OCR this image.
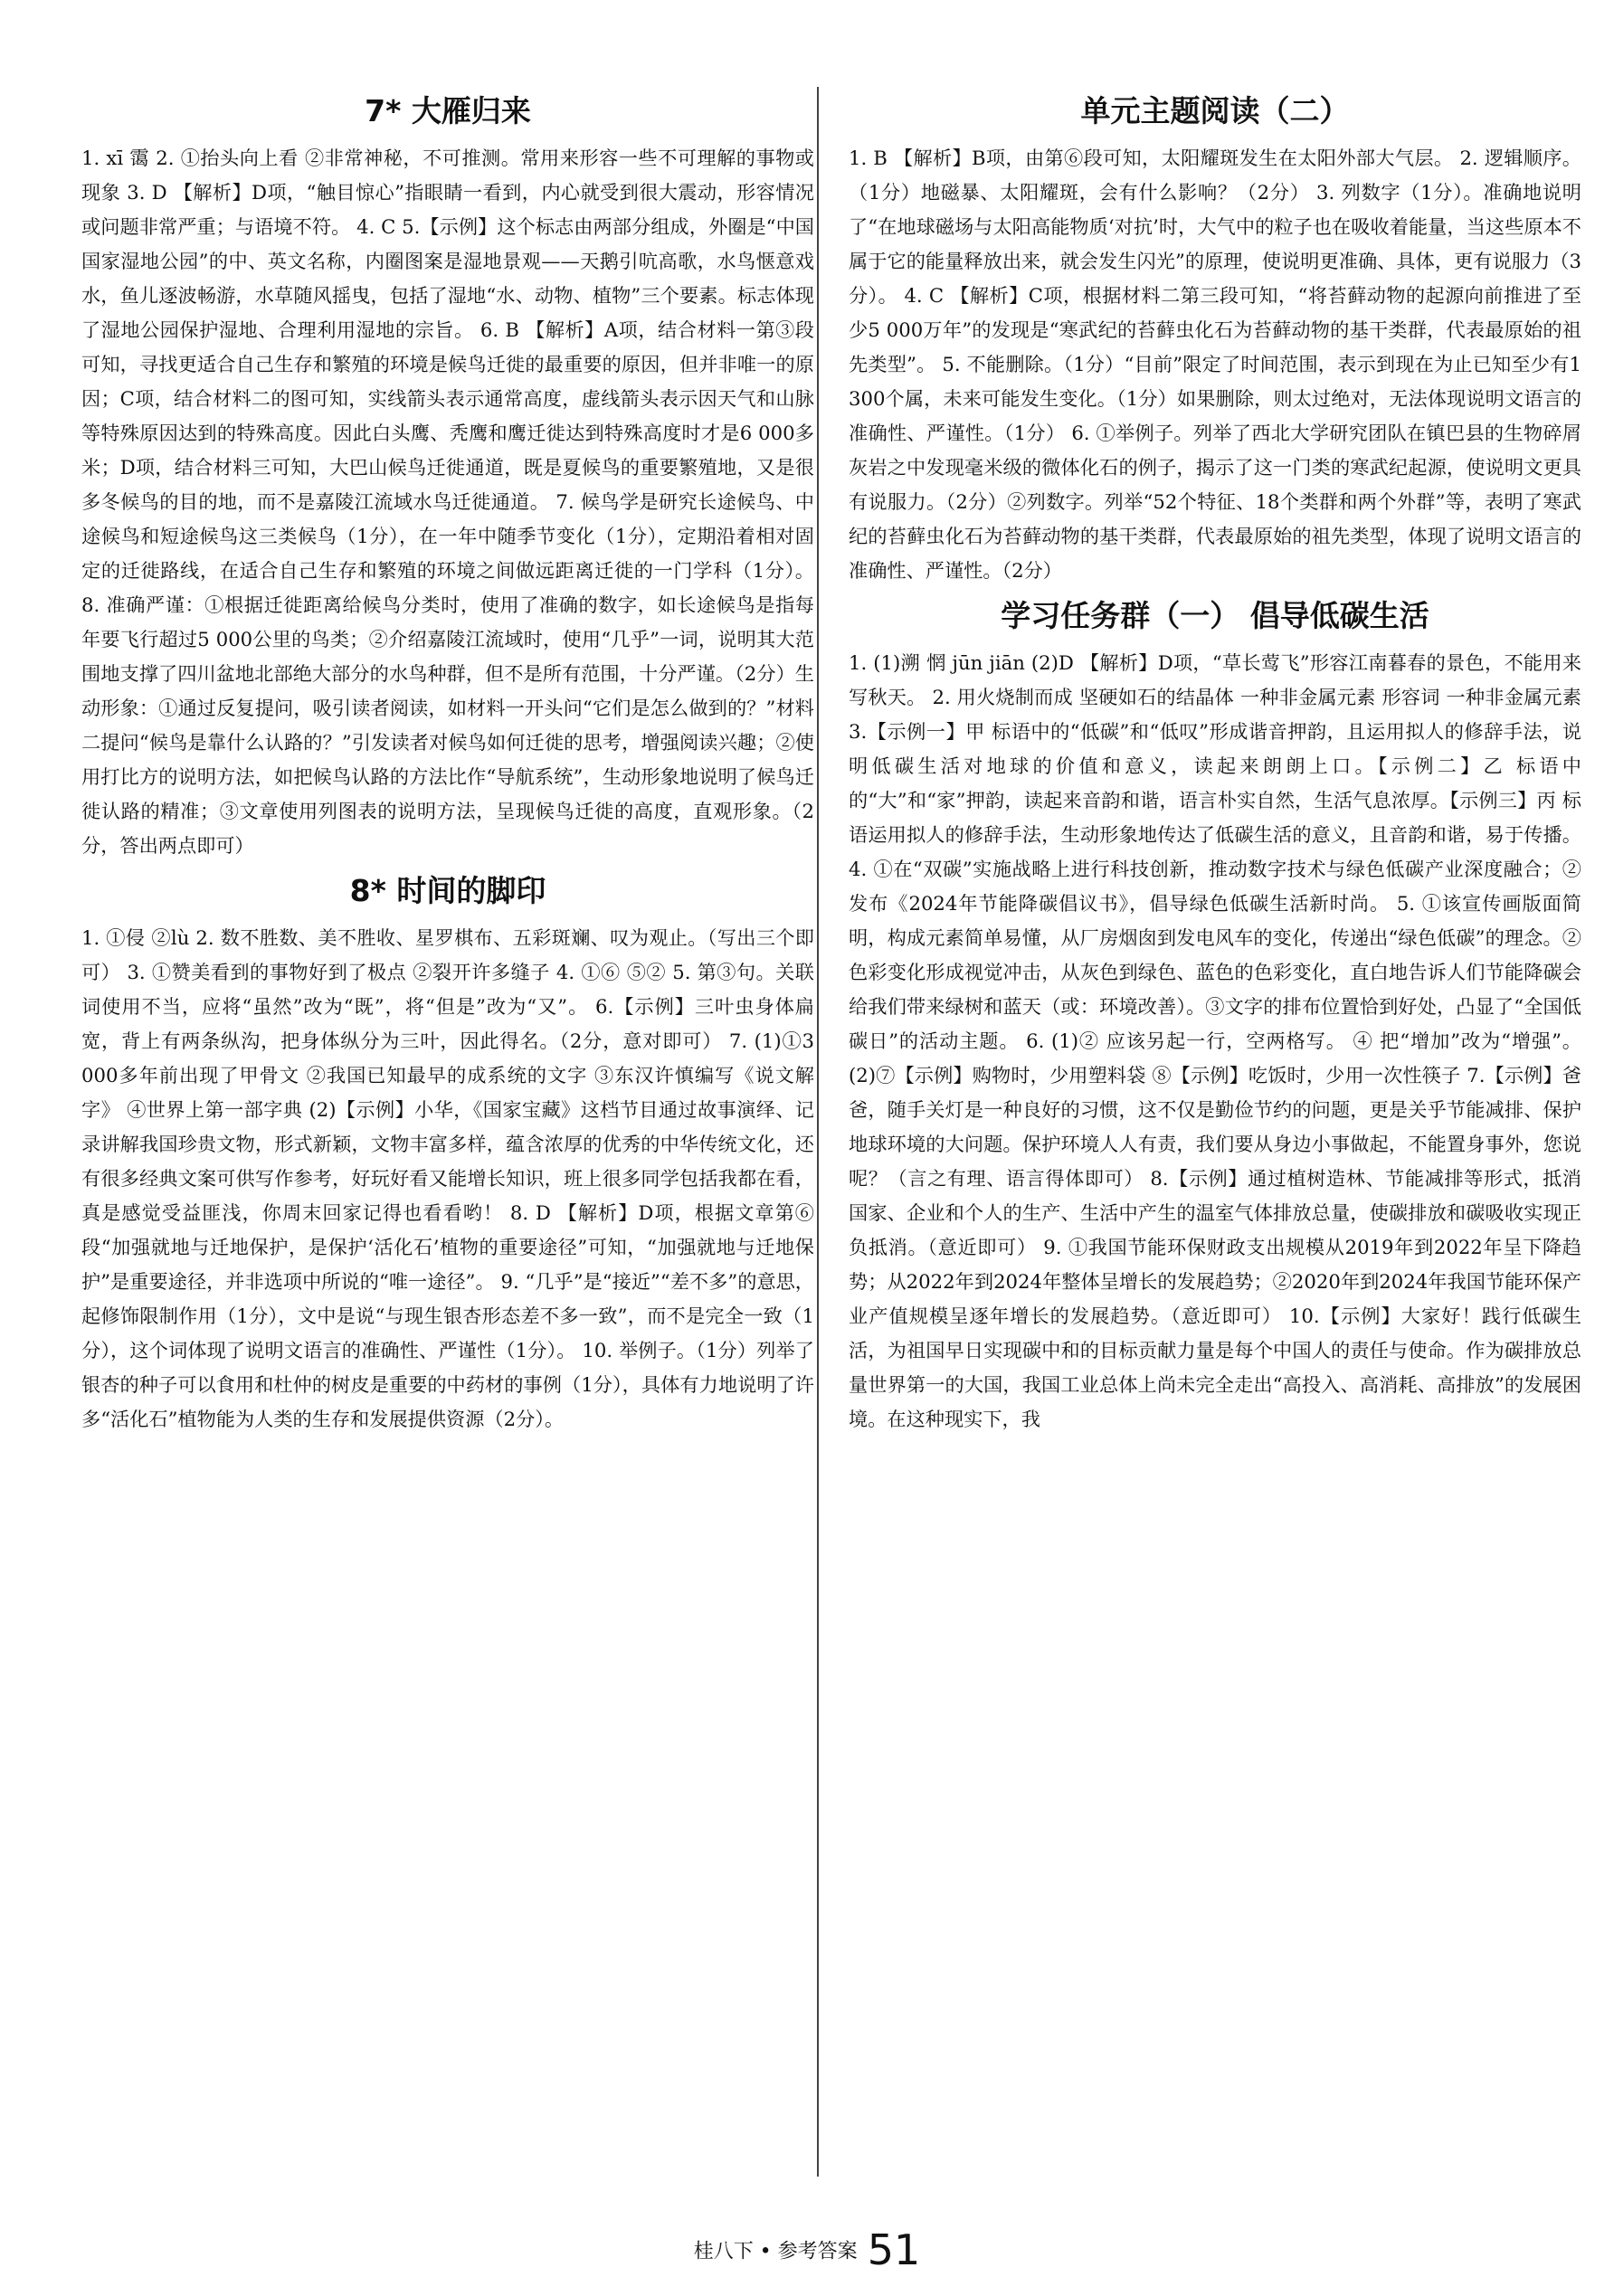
7* 大雁归来

1. xī 霭 2. ①抬头向上看 ②非常神秘，不可推测。常用来形容一些不可理解的事物或现象 3. D 【解析】D项，“触目惊心”指眼睛一看到，内心就受到很大震动，形容情况或问题非常严重；与语境不符。 4. C 5.【示例】这个标志由两部分组成，外圈是“中国国家湿地公园”的中、英文名称，内圈图案是湿地景观——天鹅引吭高歌，水鸟惬意戏水，鱼儿逐波畅游，水草随风摇曳，包括了湿地“水、动物、植物”三个要素。标志体现了湿地公园保护湿地、合理利用湿地的宗旨。 6. B 【解析】A项，结合材料一第③段可知，寻找更适合自己生存和繁殖的环境是候鸟迁徙的最重要的原因，但并非唯一的原因；C项，结合材料二的图可知，实线箭头表示通常高度，虚线箭头表示因天气和山脉等特殊原因达到的特殊高度。因此白头鹰、秃鹰和鹰迁徙达到特殊高度时才是6 000多米；D项，结合材料三可知，大巴山候鸟迁徙通道，既是夏候鸟的重要繁殖地，又是很多冬候鸟的目的地，而不是嘉陵江流域水鸟迁徙通道。 7. 候鸟学是研究长途候鸟、中途候鸟和短途候鸟这三类候鸟（1分），在一年中随季节变化（1分），定期沿着相对固定的迁徙路线，在适合自己生存和繁殖的环境之间做远距离迁徙的一门学科（1分）。 8. 准确严谨：①根据迁徙距离给候鸟分类时，使用了准确的数字，如长途候鸟是指每年要飞行超过5 000公里的鸟类；②介绍嘉陵江流域时，使用“几乎”一词，说明其大范围地支撑了四川盆地北部绝大部分的水鸟种群，但不是所有范围，十分严谨。（2分）生动形象：①通过反复提问，吸引读者阅读，如材料一开头问“它们是怎么做到的？”材料二提问“候鸟是靠什么认路的？”引发读者对候鸟如何迁徙的思考，增强阅读兴趣；②使用打比方的说明方法，如把候鸟认路的方法比作“导航系统”，生动形象地说明了候鸟迁徙认路的精准；③文章使用列图表的说明方法，呈现候鸟迁徙的高度，直观形象。（2分，答出两点即可）

8* 时间的脚印

1. ①侵 ②lù 2. 数不胜数、美不胜收、星罗棋布、五彩斑斓、叹为观止。（写出三个即可） 3. ①赞美看到的事物好到了极点 ②裂开许多缝子 4. ①⑥ ⑤② 5. 第③句。关联词使用不当，应将“虽然”改为“既”，将“但是”改为“又”。 6.【示例】三叶虫身体扁宽，背上有两条纵沟，把身体纵分为三叶，因此得名。（2分，意对即可） 7. (1)①3 000多年前出现了甲骨文 ②我国已知最早的成系统的文字 ③东汉许慎编写《说文解字》 ④世界上第一部字典 (2)【示例】小华，《国家宝藏》这档节目通过故事演绎、记录讲解我国珍贵文物，形式新颖，文物丰富多样，蕴含浓厚的优秀的中华传统文化，还有很多经典文案可供写作参考，好玩好看又能增长知识，班上很多同学包括我都在看，真是感觉受益匪浅，你周末回家记得也看看哟！ 8. D 【解析】D项，根据文章第⑥段“加强就地与迁地保护，是保护‘活化石’植物的重要途径”可知，“加强就地与迁地保护”是重要途径，并非选项中所说的“唯一途径”。 9. “几乎”是“接近”“差不多”的意思，起修饰限制作用（1分），文中是说“与现生银杏形态差不多一致”，而不是完全一致（1分），这个词体现了说明文语言的准确性、严谨性（1分）。 10. 举例子。（1分）列举了银杏的种子可以食用和杜仲的树皮是重要的中药材的事例（1分），具体有力地说明了许多“活化石”植物能为人类的生存和发展提供资源（2分）。

单元主题阅读（二）

1. B 【解析】B项，由第⑥段可知，太阳耀斑发生在太阳外部大气层。 2. 逻辑顺序。（1分）地磁暴、太阳耀斑，会有什么影响？（2分） 3. 列数字（1分）。准确地说明了“在地球磁场与太阳高能物质‘对抗’时，大气中的粒子也在吸收着能量，当这些原本不属于它的能量释放出来，就会发生闪光”的原理，使说明更准确、具体，更有说服力（3分）。 4. C 【解析】C项，根据材料二第三段可知，“将苔藓动物的起源向前推进了至少5 000万年”的发现是“寒武纪的苔藓虫化石为苔藓动物的基干类群，代表最原始的祖先类型”。 5. 不能删除。（1分）“目前”限定了时间范围，表示到现在为止已知至少有1 300个属，未来可能发生变化。（1分）如果删除，则太过绝对，无法体现说明文语言的准确性、严谨性。（1分） 6. ①举例子。列举了西北大学研究团队在镇巴县的生物碎屑灰岩之中发现毫米级的微体化石的例子，揭示了这一门类的寒武纪起源，使说明文更具有说服力。（2分）②列数字。列举“52个特征、18个类群和两个外群”等，表明了寒武纪的苔藓虫化石为苔藓动物的基干类群，代表最原始的祖先类型，体现了说明文语言的准确性、严谨性。（2分）

学习任务群（一） 倡导低碳生活

1. (1)溯 惘 jūn jiān (2)D 【解析】D项，“草长莺飞”形容江南暮春的景色，不能用来写秋天。 2. 用火烧制而成 坚硬如石的结晶体 一种非金属元素 形容词 一种非金属元素 3.【示例一】甲 标语中的“低碳”和“低叹”形成谐音押韵，且运用拟人的修辞手法，说明低碳生活对地球的价值和意义，读起来朗朗上口。【示例二】乙 标语中的“大”和“家”押韵，读起来音韵和谐，语言朴实自然，生活气息浓厚。【示例三】丙 标语运用拟人的修辞手法，生动形象地传达了低碳生活的意义，且音韵和谐，易于传播。 4. ①在“双碳”实施战略上进行科技创新，推动数字技术与绿色低碳产业深度融合；②发布《2024年节能降碳倡议书》，倡导绿色低碳生活新时尚。 5. ①该宣传画版面简明，构成元素简单易懂，从厂房烟囱到发电风车的变化，传递出“绿色低碳”的理念。②色彩变化形成视觉冲击，从灰色到绿色、蓝色的色彩变化，直白地告诉人们节能降碳会给我们带来绿树和蓝天（或：环境改善）。③文字的排布位置恰到好处，凸显了“全国低碳日”的活动主题。 6. (1)② 应该另起一行，空两格写。 ④ 把“增加”改为“增强”。 (2)⑦【示例】购物时，少用塑料袋 ⑧【示例】吃饭时，少用一次性筷子 7.【示例】爸爸，随手关灯是一种良好的习惯，这不仅是勤俭节约的问题，更是关乎节能减排、保护地球环境的大问题。保护环境人人有责，我们要从身边小事做起，不能置身事外，您说呢？（言之有理、语言得体即可） 8.【示例】通过植树造林、节能减排等形式，抵消国家、企业和个人的生产、生活中产生的温室气体排放总量，使碳排放和碳吸收实现正负抵消。（意近即可） 9. ①我国节能环保财政支出规模从2019年到2022年呈下降趋势；从2022年到2024年整体呈增长的发展趋势；②2020年到2024年我国节能环保产业产值规模呈逐年增长的发展趋势。（意近即可） 10.【示例】大家好！践行低碳生活，为祖国早日实现碳中和的目标贡献力量是每个中国人的责任与使命。作为碳排放总量世界第一的大国，我国工业总体上尚未完全走出“高投入、高消耗、高排放”的发展困境。在这种现实下，我

桂八下 • 参考答案 51
